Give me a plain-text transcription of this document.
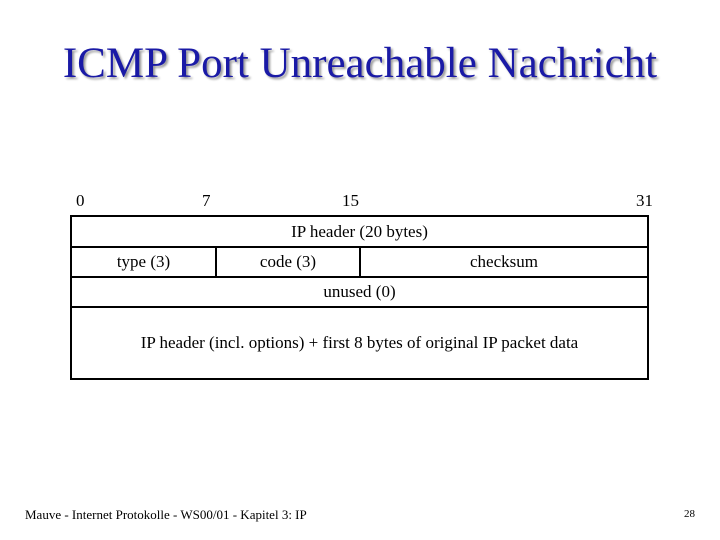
ICMP Port Unreachable Nachricht
0	7	15	31
IP header (20 bytes)
type (3)	code (3)	checksum
unused (0)
IP header (incl. options) + first 8 bytes of original IP packet data
Mauve - Internet Protokolle - WS00/01 - Kapitel 3: IP	28
